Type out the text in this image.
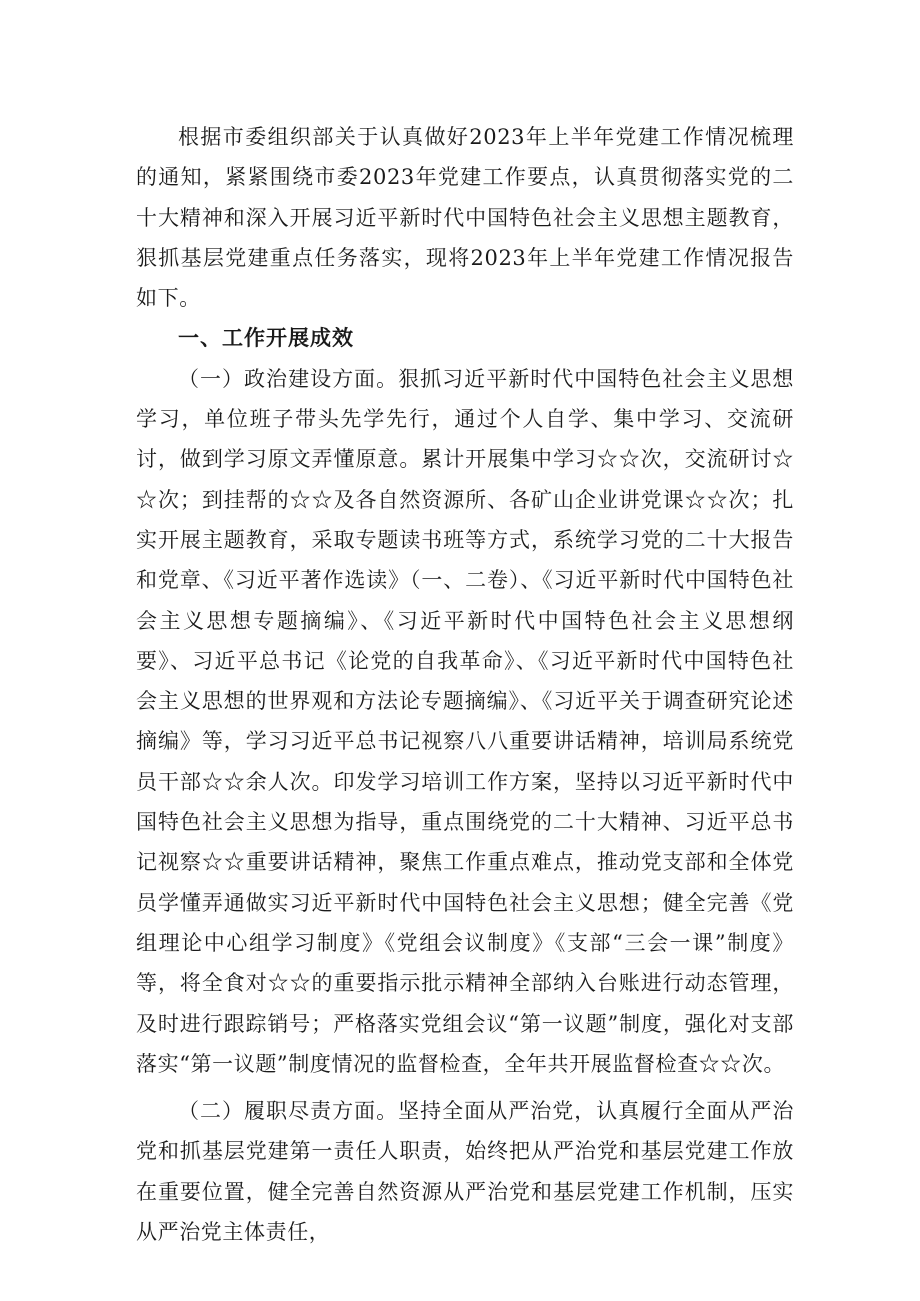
根据市委组织部关于认真做好2023年上半年党建工作情况梳理的通知，紧紧围绕市委2023年党建工作要点，认真贯彻落实党的二十大精神和深入开展习近平新时代中国特色社会主义思想主题教育，狠抓基层党建重点任务落实，现将2023年上半年党建工作情况报告如下。

一、工作开展成效

（一）政治建设方面。狠抓习近平新时代中国特色社会主义思想学习，单位班子带头先学先行，通过个人自学、集中学习、交流研讨，做到学习原文弄懂原意。累计开展集中学习☆☆次，交流研讨☆☆次；到挂帮的☆☆及各自然资源所、各矿山企业讲党课☆☆次；扎实开展主题教育，采取专题读书班等方式，系统学习党的二十大报告和党章、《习近平著作选读》（一、二卷）、《习近平新时代中国特色社会主义思想专题摘编》、《习近平新时代中国特色社会主义思想纲要》、习近平总书记《论党的自我革命》、《习近平新时代中国特色社会主义思想的世界观和方法论专题摘编》、《习近平关于调查研究论述摘编》等，学习习近平总书记视察八八重要讲话精神，培训局系统党员干部☆☆余人次。印发学习培训工作方案，坚持以习近平新时代中国特色社会主义思想为指导，重点围绕党的二十大精神、习近平总书记视察☆☆重要讲话精神，聚焦工作重点难点，推动党支部和全体党员学懂弄通做实习近平新时代中国特色社会主义思想；健全完善《党组理论中心组学习制度》《党组会议制度》《支部“三会一课”制度》等，将全食对☆☆的重要指示批示精神全部纳入台账进行动态管理，及时进行跟踪销号；严格落实党组会议“第一议题”制度，强化对支部落实“第一议题”制度情况的监督检查，全年共开展监督检查☆☆次。

（二）履职尽责方面。坚持全面从严治党，认真履行全面从严治党和抓基层党建第一责任人职责，始终把从严治党和基层党建工作放在重要位置，健全完善自然资源从严治党和基层党建工作机制，压实从严治党主体责任，
